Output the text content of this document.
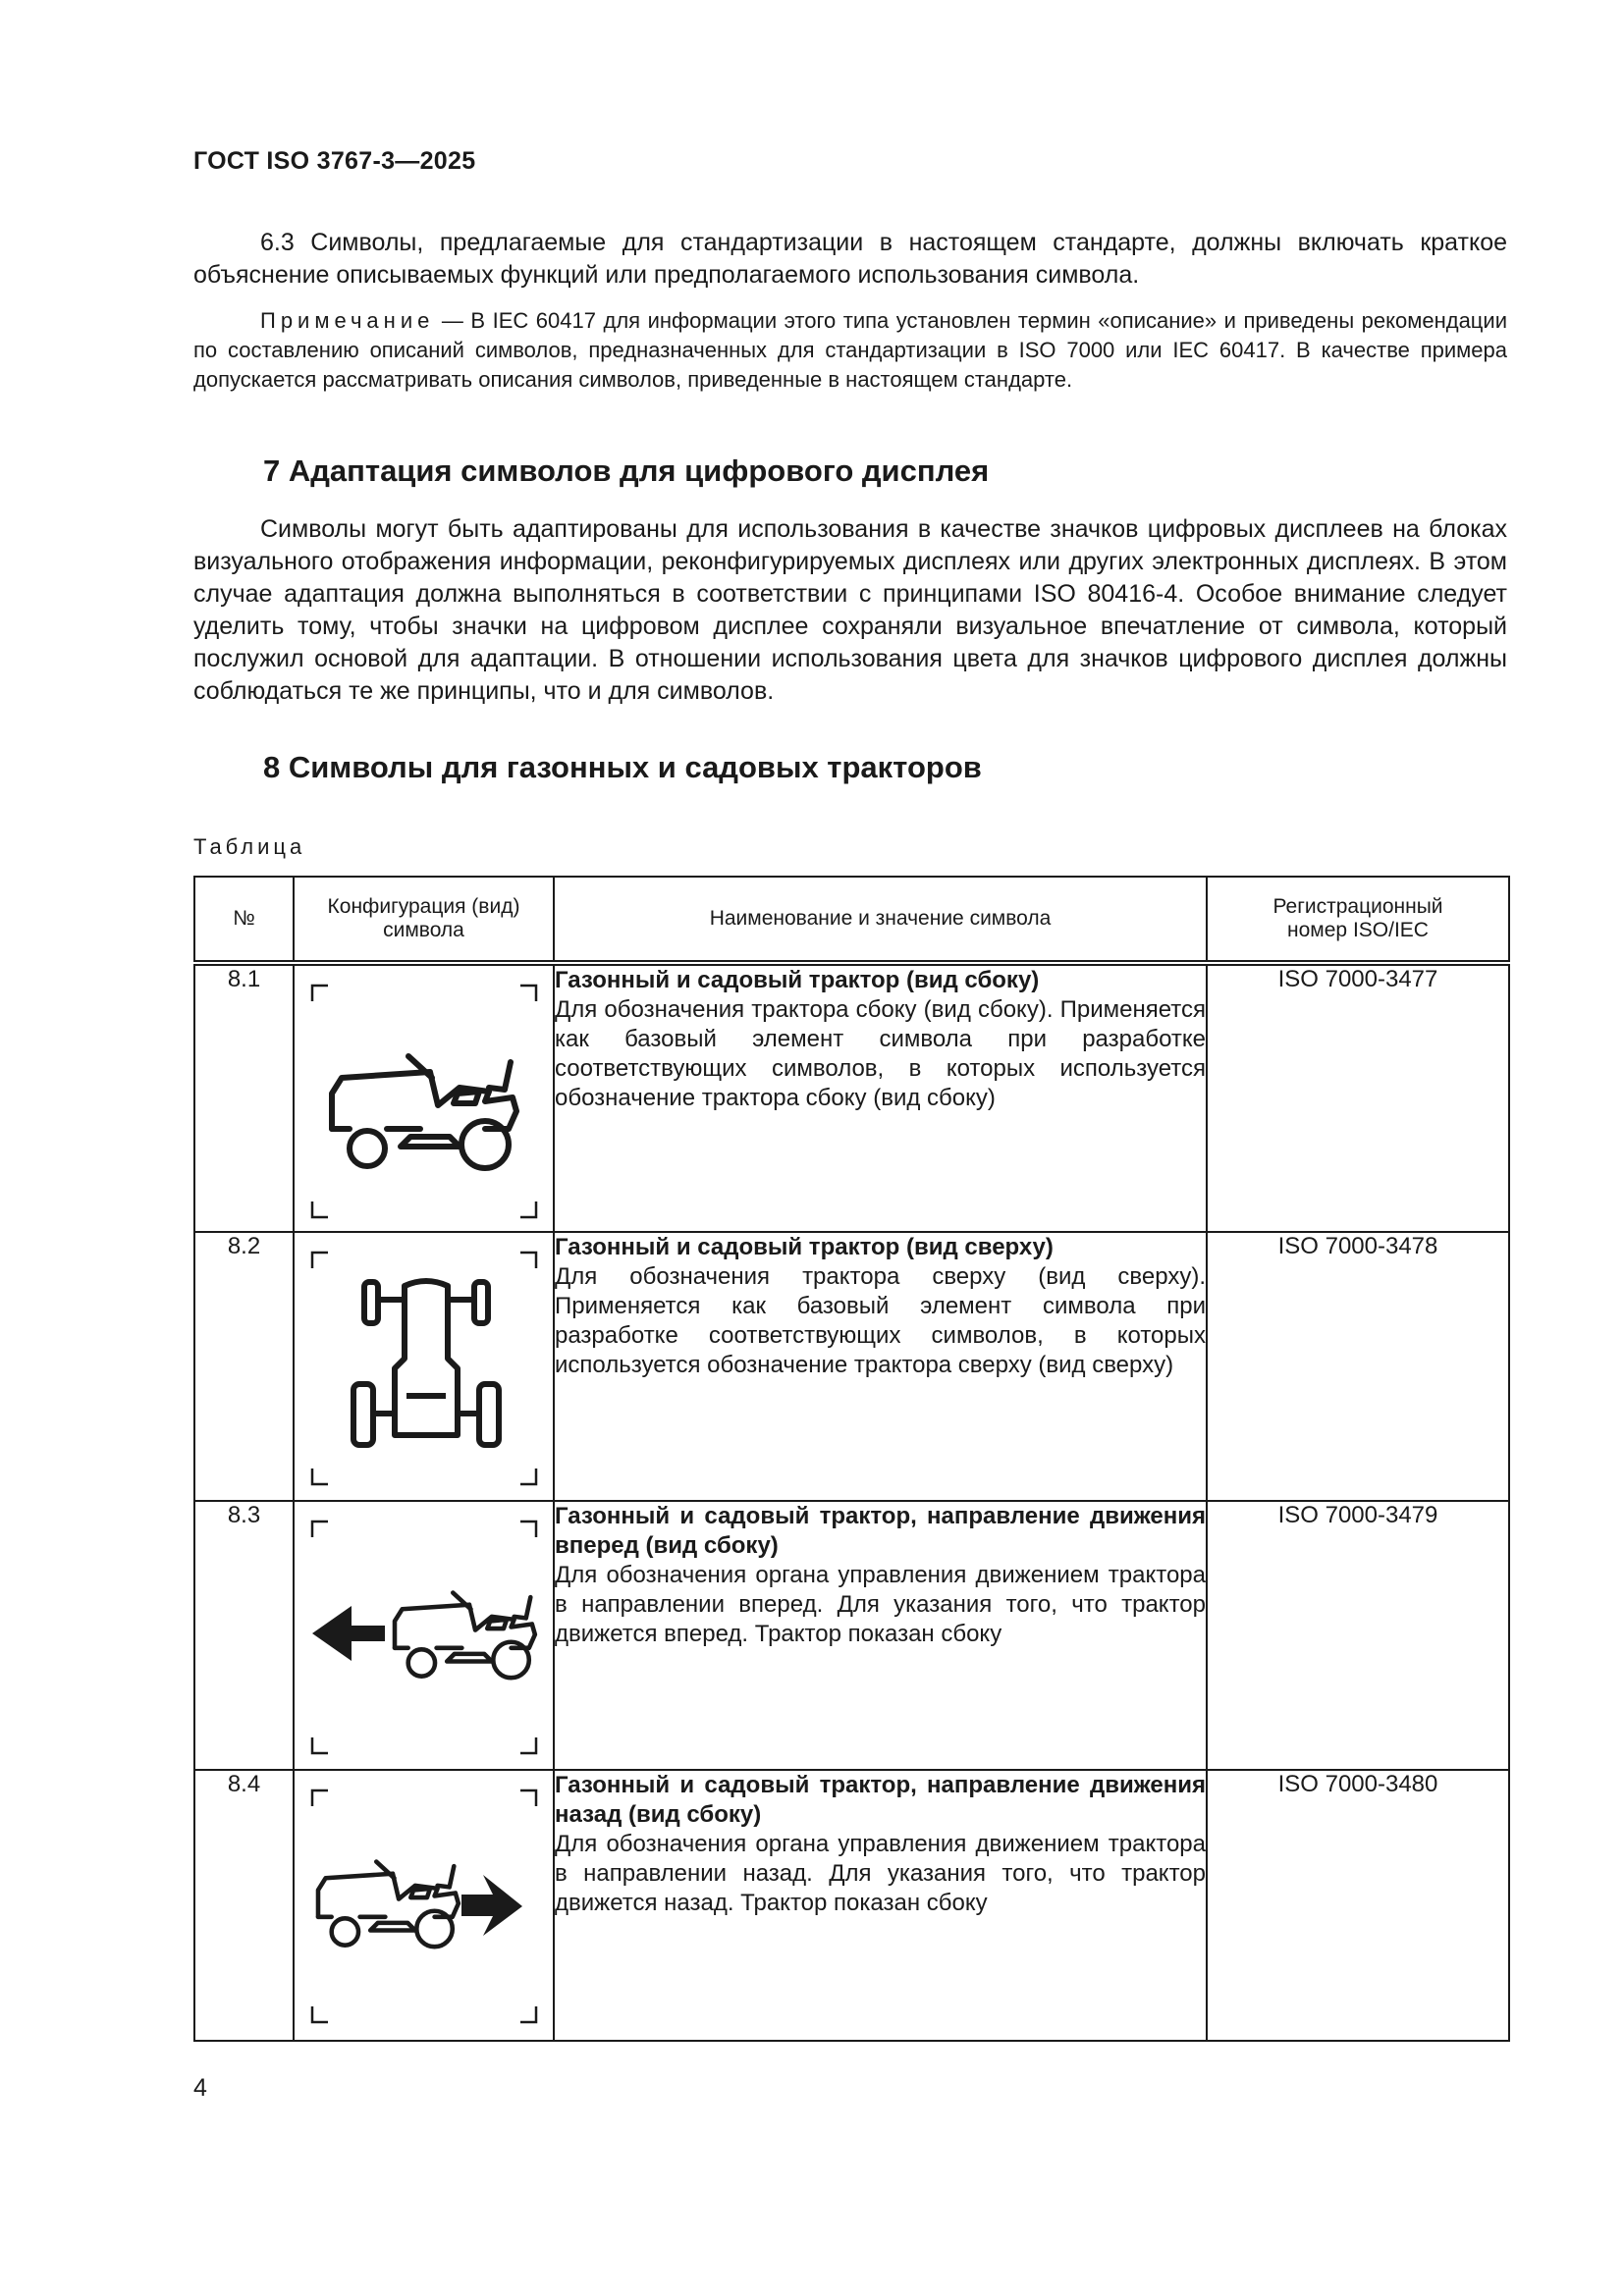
ГОСТ ISO 3767-3—2025
6.3 Символы, предлагаемые для стандартизации в настоящем стандарте, должны включать краткое объяснение описываемых функций или предполагаемого использования символа.
Примечание — В IEC 60417 для информации этого типа установлен термин «описание» и приведены рекомендации по составлению описаний символов, предназначенных для стандартизации в ISO 7000 или IEC 60417. В качестве примера допускается рассматривать описания символов, приведенные в настоящем стандарте.
7 Адаптация символов для цифрового дисплея
Символы могут быть адаптированы для использования в качестве значков цифровых дисплеев на блоках визуального отображения информации, реконфигурируемых дисплеях или других электронных дисплеях. В этом случае адаптация должна выполняться в соответствии с принципами ISO 80416-4. Особое внимание следует уделить тому, чтобы значки на цифровом дисплее сохраняли визуальное впечатление от символа, который послужил основой для адаптации. В отношении использования цвета для значков цифрового дисплея должны соблюдаться те же принципы, что и для символов.
8 Символы для газонных и садовых тракторов
Таблица
№	Конфигурация (вид) символа	Наименование и значение символа	Регистрационный номер ISO/IEC

8.1		Газонный и садовый трактор (вид сбоку)
Для обозначения трактора сбоку (вид сбоку). Применяется как базовый элемент символа при разработке соответствующих символов, в которых используется обозначение трактора сбоку (вид сбоку)	ISO 7000-3477
8.2		Газонный и садовый трактор (вид сверху)
Для обозначения трактора сверху (вид сверху). Применяется как базовый элемент символа при разработке соответствующих символов, в которых используется обозначение трактора сверху (вид сверху)	ISO 7000-3478
8.3		Газонный и садовый трактор, направление движения вперед (вид сбоку)
Для обозначения органа управления движением трактора в направлении вперед. Для указания того, что трактор движется вперед. Трактор показан сбоку	ISO 7000-3479
8.4		Газонный и садовый трактор, направление движения назад (вид сбоку)
Для обозначения органа управления движением трактора в направлении назад. Для указания того, что трактор движется назад. Трактор показан сбоку	ISO 7000-3480
4
